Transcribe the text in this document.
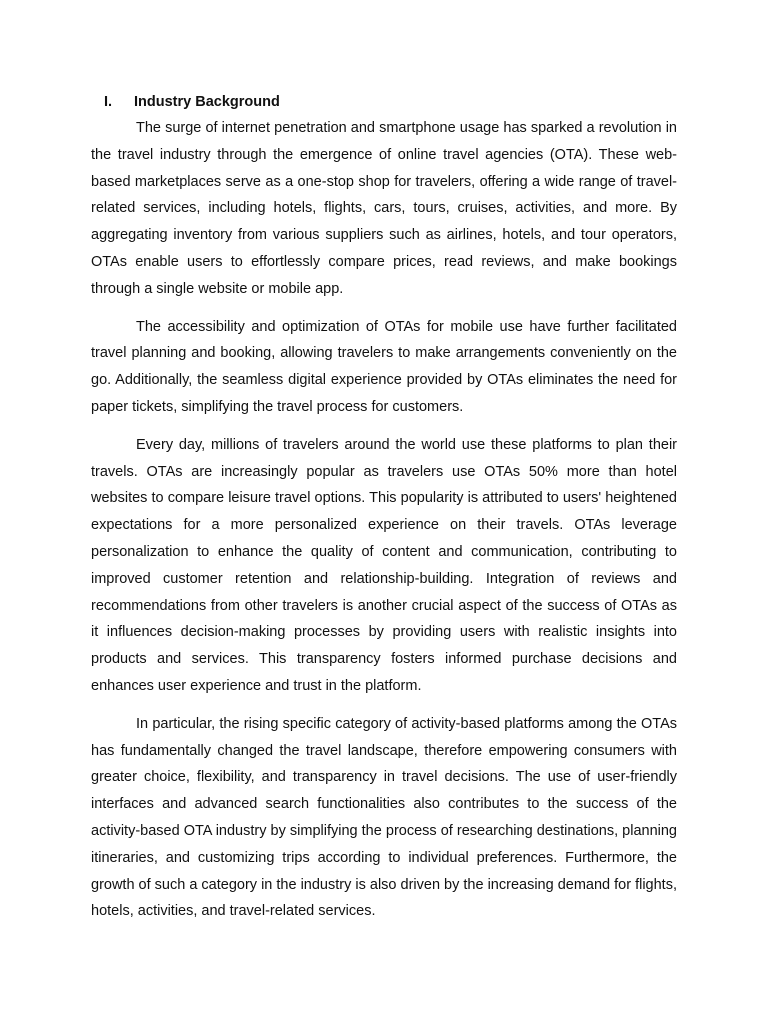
I.	Industry Background

The surge of internet penetration and smartphone usage has sparked a revolution in the travel industry through the emergence of online travel agencies (OTA). These web-based marketplaces serve as a one-stop shop for travelers, offering a wide range of travel-related services, including hotels, flights, cars, tours, cruises, activities, and more. By aggregating inventory from various suppliers such as airlines, hotels, and tour operators, OTAs enable users to effortlessly compare prices, read reviews, and make bookings through a single website or mobile app.

The accessibility and optimization of OTAs for mobile use have further facilitated travel planning and booking, allowing travelers to make arrangements conveniently on the go. Additionally, the seamless digital experience provided by OTAs eliminates the need for paper tickets, simplifying the travel process for customers.

Every day, millions of travelers around the world use these platforms to plan their travels. OTAs are increasingly popular as travelers use OTAs 50% more than hotel websites to compare leisure travel options. This popularity is attributed to users' heightened expectations for a more personalized experience on their travels. OTAs leverage personalization to enhance the quality of content and communication, contributing to improved customer retention and relationship-building. Integration of reviews and recommendations from other travelers is another crucial aspect of the success of OTAs as it influences decision-making processes by providing users with realistic insights into products and services. This transparency fosters informed purchase decisions and enhances user experience and trust in the platform.

In particular, the rising specific category of activity-based platforms among the OTAs has fundamentally changed the travel landscape, therefore empowering consumers with greater choice, flexibility, and transparency in travel decisions. The use of user-friendly interfaces and advanced search functionalities also contributes to the success of the activity-based OTA industry by simplifying the process of researching destinations, planning itineraries, and customizing trips according to individual preferences. Furthermore, the growth of such a category in the industry is also driven by the increasing demand for flights, hotels, activities, and travel-related services.
